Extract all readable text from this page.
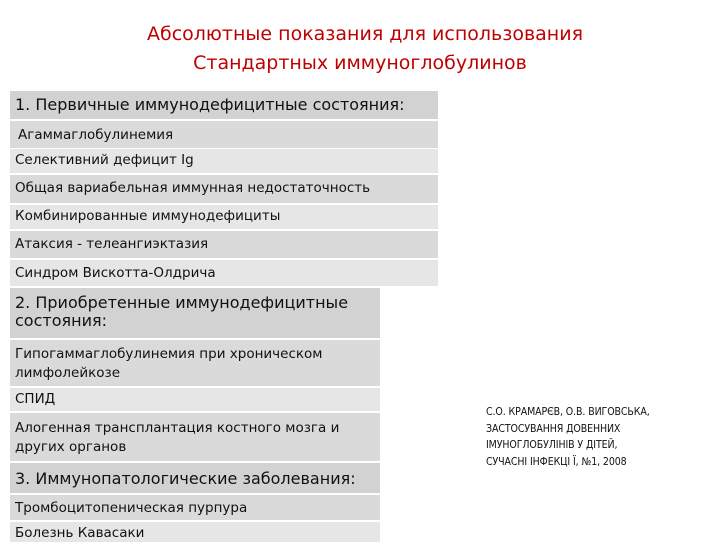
Абсолютные показания для использования
Стандартных иммуноглобулинов
1. Первичные иммунодефицитные состояния:
Агаммаглобулинемия
Селективний дефицит Ig
Общая вариабельная иммунная недостаточность
Комбинированные иммунодефициты
Атаксия - телеангиэктазия
Синдром Вискотта-Олдрича
2. Приобретенные иммунодефицитные
состояния:
Гипогаммаглобулинемия при хроническом
лимфолейкозе
СПИД
Алогенная трансплантация костного мозга и
других органов
3. Иммунопатологические заболевания:
Тромбоцитопеническая пурпура
Болезнь Кавасаки
С.О. КРАМАРЄВ, О.В. ВИГОВСЬКА,
ЗАСТОСУВАННЯ ДОВЕННИХ
ІМУНОГЛОБУЛІНІВ У ДІТЕЙ,
СУЧАСНІ ІНФЕКЦІ Ї, №1, 2008
